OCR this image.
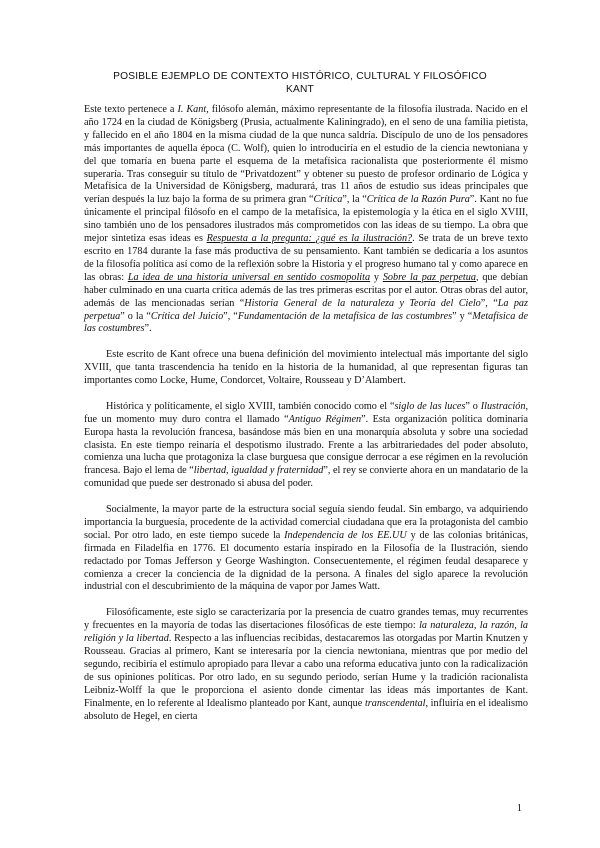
POSIBLE EJEMPLO DE CONTEXTO HISTÓRICO, CULTURAL Y FILOSÓFICO
KANT

Este texto pertenece a I. Kant, filósofo alemán, máximo representante de la filosofía ilustrada. Nacido en el año 1724 en la ciudad de Königsberg (Prusia, actualmente Kaliningrado), en el seno de una familia pietista, y fallecido en el año 1804 en la misma ciudad de la que nunca saldría. Discípulo de uno de los pensadores más importantes de aquella época (C. Wolf), quien lo introduciría en el estudio de la ciencia newtoniana y del que tomaría en buena parte el esquema de la metafísica racionalista que posteriormente él mismo superaría. Tras conseguir su título de “Privatdozent” y obtener su puesto de profesor ordinario de Lógica y Metafísica de la Universidad de Königsberg, madurará, tras 11 años de estudio sus ideas principales que verían después la luz bajo la forma de su primera gran “Crítica”, la “Crítica de la Razón Pura”. Kant no fue únicamente el principal filósofo en el campo de la metafísica, la epistemología y la ética en el siglo XVIII, sino también uno de los pensadores ilustrados más comprometidos con las ideas de su tiempo. La obra que mejor sintetiza esas ideas es Respuesta a la pregunta: ¿qué es la ilustración?. Se trata de un breve texto escrito en 1784 durante la fase más productiva de su pensamiento. Kant también se dedicaría a los asuntos de la filosofía política así como de la reflexión sobre la Historia y el progreso humano tal y como aparece en las obras: La idea de una historia universal en sentido cosmopolita y Sobre la paz perpetua, que debían haber culminado en una cuarta crítica además de las tres primeras escritas por el autor. Otras obras del autor, además de las mencionadas serían “Historia General de la naturaleza y Teoría del Cielo”, “La paz perpetua” o la “Crítica del Juicio”, “Fundamentación de la metafísica de las costumbres” y “Metafísica de las costumbres”.

Este escrito de Kant ofrece una buena definición del movimiento intelectual más importante del siglo XVIII, que tanta trascendencia ha tenido en la historia de la humanidad, al que representan figuras tan importantes como Locke, Hume, Condorcet, Voltaire, Rousseau y D’Alambert.

Histórica y políticamente, el siglo XVIII, también conocido como el “siglo de las luces” o Ilustración, fue un momento muy duro contra el llamado “Antiguo Régimen”. Esta organización política dominaría Europa hasta la revolución francesa, basándose más bien en una monarquía absoluta y sobre una sociedad clasista. En este tiempo reinaría el despotismo ilustrado. Frente a las arbitrariedades del poder absoluto, comienza una lucha que protagoniza la clase burguesa que consigue derrocar a ese régimen en la revolución francesa. Bajo el lema de “libertad, igualdad y fraternidad”, el rey se convierte ahora en un mandatario de la comunidad que puede ser destronado si abusa del poder.

Socialmente, la mayor parte de la estructura social seguía siendo feudal. Sin embargo, va adquiriendo importancia la burguesía, procedente de la actividad comercial ciudadana que era la protagonista del cambio social. Por otro lado, en este tiempo sucede la Independencia de los EE.UU y de las colonias británicas, firmada en Filadelfia en 1776. El documento estaría inspirado en la Filosofía de la Ilustración, siendo redactado por Tomas Jefferson y George Washington. Consecuentemente, el régimen feudal desaparece y comienza a crecer la conciencia de la dignidad de la persona. A finales del siglo aparece la revolución industrial con el descubrimiento de la máquina de vapor por James Watt.

Filosóficamente, este siglo se caracterizaría por la presencia de cuatro grandes temas, muy recurrentes y frecuentes en la mayoría de todas las disertaciones filosóficas de este tiempo: la naturaleza, la razón, la religión y la libertad. Respecto a las influencias recibidas, destacaremos las otorgadas por Martin Knutzen y Rousseau. Gracias al primero, Kant se interesaría por la ciencia newtoniana, mientras que por medio del segundo, recibiría el estímulo apropiado para llevar a cabo una reforma educativa junto con la radicalización de sus opiniones políticas. Por otro lado, en su segundo periodo, serían Hume y la tradición racionalista Leibniz-Wolff la que le proporciona el asiento donde cimentar las ideas más importantes de Kant. Finalmente, en lo referente al Idealismo planteado por Kant, aunque transcendental, influiría en el idealismo absoluto de Hegel, en cierta

1
